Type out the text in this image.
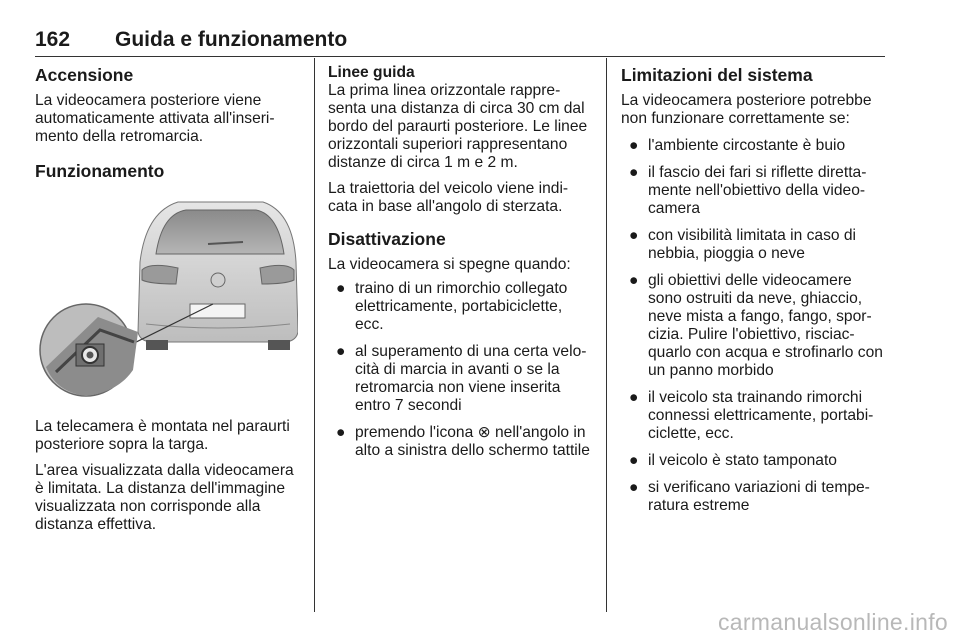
162 Guida e funzionamento
Accensione

La videocamera posteriore viene automaticamente attivata all'inseri-mento della retromarcia.

Funzionamento

La telecamera è montata nel paraurti posteriore sopra la targa.

L'area visualizzata dalla videocamera è limitata. La distanza dell'immagine visualizzata non corrisponde alla distanza effettiva.

Linee guida

La prima linea orizzontale rappre-senta una distanza di circa 30 cm dal bordo del paraurti posteriore. Le linee orizzontali superiori rappresentano distanze di circa 1 m e 2 m.

La traiettoria del veicolo viene indi-cata in base all'angolo di sterzata.

Disattivazione

La videocamera si spegne quando:

● traino di un rimorchio collegato elettricamente, portabiciclette, ecc.
● al superamento di una certa velo-cità di marcia in avanti o se la retromarcia non viene inserita entro 7 secondi
● premendo l'icona ⊗ nell'angolo in alto a sinistra dello schermo tattile
Limitazioni del sistema

La videocamera posteriore potrebbe non funzionare correttamente se:

● l'ambiente circostante è buio
● il fascio dei fari si riflette diretta-mente nell'obiettivo della video-camera
● con visibilità limitata in caso di nebbia, pioggia o neve
● gli obiettivi delle videocamere sono ostruiti da neve, ghiaccio, neve mista a fango, fango, spor-cizia. Pulire l'obiettivo, risciac-quarlo con acqua e strofinarlo con un panno morbido
● il veicolo sta trainando rimorchi connessi elettricamente, portabi-ciclette, ecc.
● il veicolo è stato tamponato
● si verificano variazioni di tempe-ratura estreme
carmanualsonline.info
